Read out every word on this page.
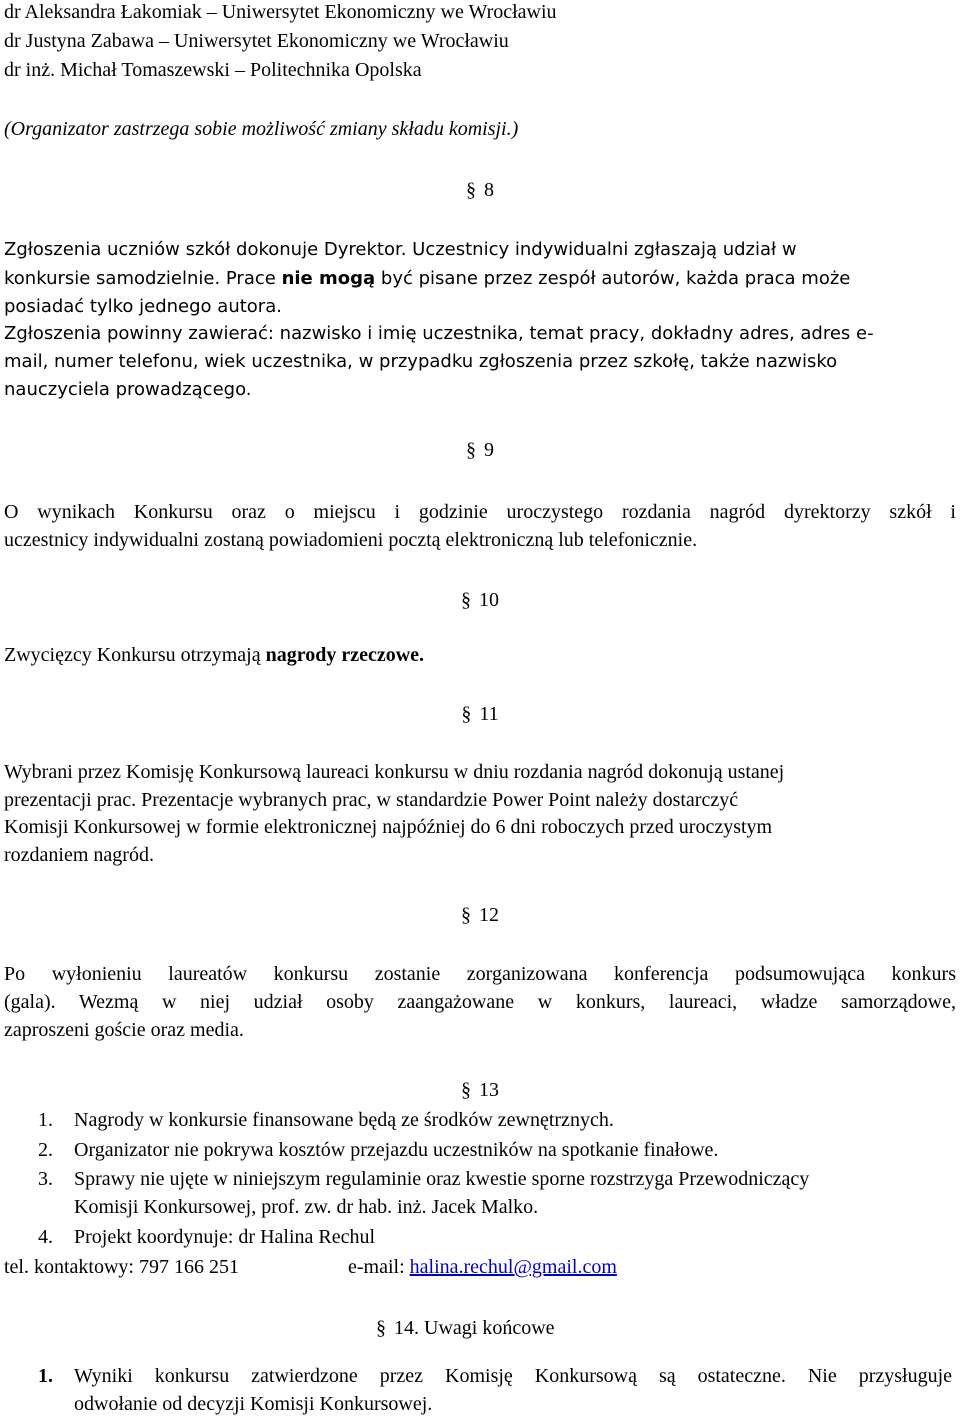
dr Aleksandra Łakomiak – Uniwersytet Ekonomiczny we Wrocławiu
dr Justyna Zabawa – Uniwersytet Ekonomiczny we Wrocławiu
dr inż. Michał Tomaszewski – Politechnika Opolska
(Organizator zastrzega sobie możliwość zmiany składu komisji.)
§ 8
Zgłoszenia uczniów szkół dokonuje Dyrektor. Uczestnicy indywidualni zgłaszają udział w
konkursie samodzielnie. Prace nie mogą być pisane przez zespół autorów, każda praca może
posiadać tylko jednego autora.
Zgłoszenia powinny zawierać: nazwisko i imię uczestnika, temat pracy, dokładny adres, adres e-
mail, numer telefonu, wiek uczestnika, w przypadku zgłoszenia przez szkołę, także nazwisko
nauczyciela prowadzącego.
§ 9
O wynikach Konkursu oraz o miejscu i godzinie uroczystego rozdania nagród dyrektorzy szkół i
uczestnicy indywidualni zostaną powiadomieni pocztą elektroniczną lub telefonicznie.
§ 10
Zwycięzcy Konkursu otrzymają nagrody rzeczowe.
§ 11
Wybrani przez Komisję Konkursową laureaci konkursu w dniu rozdania nagród dokonują ustanej
prezentacji prac. Prezentacje wybranych prac, w standardzie Power Point należy dostarczyć
Komisji Konkursowej w formie elektronicznej najpóźniej do 6 dni roboczych przed uroczystym
rozdaniem nagród.
§ 12
Po wyłonieniu laureatów konkursu zostanie zorganizowana konferencja podsumowująca konkurs
(gala). Wezmą w niej udział osoby zaangażowane w konkurs, laureaci, władze samorządowe,
zaproszeni goście oraz media.
§ 13
1. Nagrody w konkursie finansowane będą ze środków zewnętrznych.
2. Organizator nie pokrywa kosztów przejazdu uczestników na spotkanie finałowe.
3. Sprawy nie ujęte w niniejszym regulaminie oraz kwestie sporne rozstrzyga Przewodniczący
Komisji Konkursowej, prof. zw. dr hab. inż. Jacek Malko.
4. Projekt koordynuje: dr Halina Rechul
tel. kontaktowy: 797 166 251	e-mail: halina.rechul@gmail.com
§ 14. Uwagi końcowe
1. Wyniki konkursu zatwierdzone przez Komisję Konkursową są ostateczne. Nie przysługuje
odwołanie od decyzji Komisji Konkursowej.
